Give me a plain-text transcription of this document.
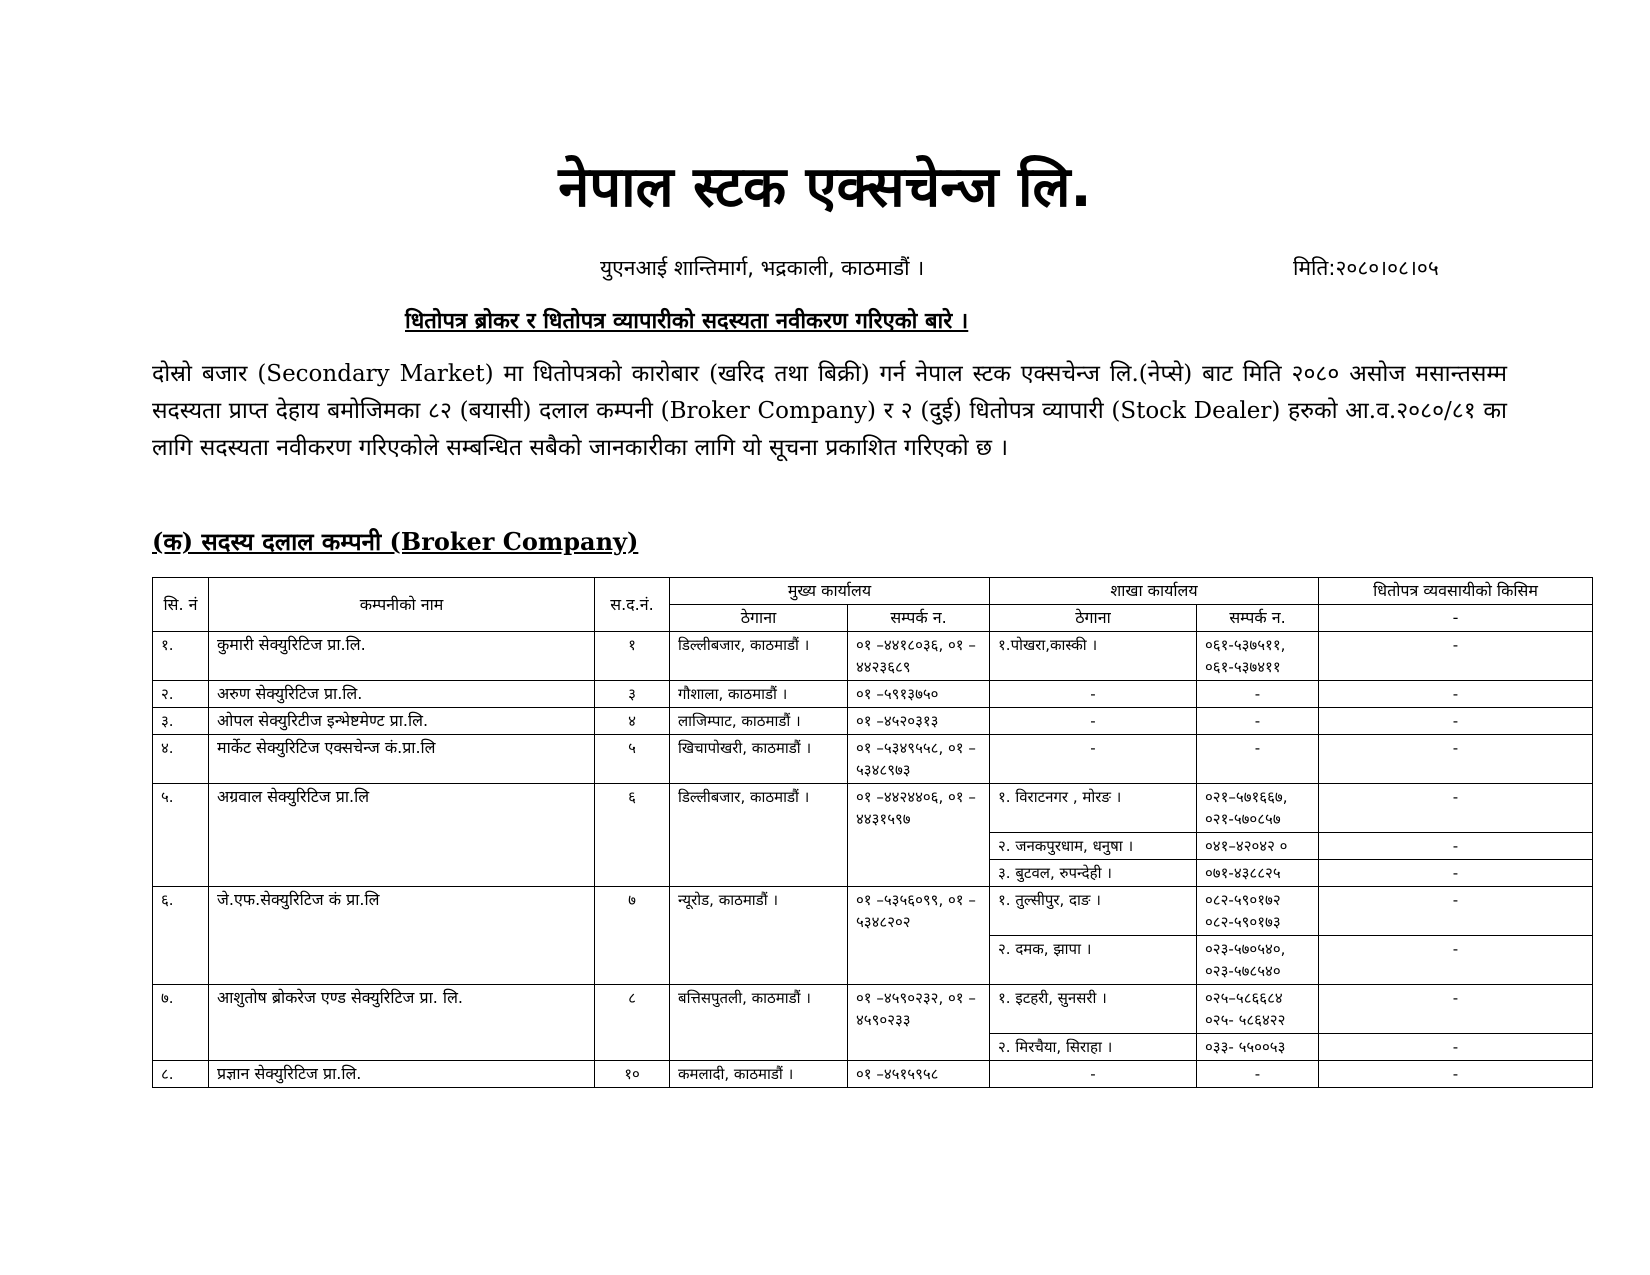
नेपाल स्टक एक्सचेन्ज लि.
युएनआई शान्तिमार्ग, भद्रकाली, काठमाडौं ।	मिति:२०८०।०८।०५
धितोपत्र ब्रोकर र धितोपत्र व्यापारीको सदस्यता नवीकरण गरिएको बारे ।
दोस्रो बजार (Secondary Market) मा धितोपत्रको कारोबार (खरिद तथा बिक्री) गर्न नेपाल स्टक एक्सचेन्ज लि.(नेप्से) बाट मिति २०८० असोज मसान्तसम्म सदस्यता प्राप्त देहाय बमोजिमका ८२ (बयासी) दलाल कम्पनी (Broker Company) र २ (दुई) धितोपत्र व्यापारी (Stock Dealer) हरुको आ.व.२०८०/८१ का लागि सदस्यता नवीकरण गरिएकोले सम्बन्धित सबैको जानकारीका लागि यो सूचना प्रकाशित गरिएको छ ।
(क) सदस्य दलाल कम्पनी (Broker Company)
सि. नं	कम्पनीको नाम	स.द.नं.	मुख्य कार्यालय		शाखा कार्यालय		धितोपत्र व्यवसायीको किसिम
			ठेगाना	सम्पर्क न.	ठेगाना	सम्पर्क न.	-
१.	कुमारी सेक्युरिटिज प्रा.लि.	१	डिल्लीबजार, काठमाडौं ।	०१ –४४१८०३६, ०१ –४४२३६८९	१.पोखरा,कास्की ।	०६१-५३७५११, ०६१-५३७४११	-
२.	अरुण सेक्युरिटिज प्रा.लि.	३	गौशाला, काठमाडौं ।	०१ –५९१३७५०	-	-	-
३.	ओपल सेक्युरिटीज इन्भेष्टमेण्ट प्रा.लि.	४	लाजिम्पाट, काठमाडौं ।	०१ –४५२०३१३	-	-	-
४.	मार्केट सेक्युरिटिज एक्सचेन्ज कं.प्रा.लि	५	खिचापोखरी, काठमाडौं ।	०१ –५३४९५५८, ०१ –५३४८९७३	-	-	-
५.	अग्रवाल सेक्युरिटिज प्रा.लि	६	डिल्लीबजार, काठमाडौं ।	०१ –४४२४४०६, ०१ –४४३१५९७	१. विराटनगर , मोरङ ।	०२१–५७१६६७, ०२१-५७०८५७	-
					२. जनकपुरधाम, धनुषा ।	०४१–४२०४२ ०	-
					३. बुटवल, रुपन्देही ।	०७१-४३८८२५	-
६.	जे.एफ.सेक्युरिटिज कं प्रा.लि	७	न्यूरोड, काठमाडौं ।	०१ –५३५६०९९, ०१ –५३४८२०२	१. तुल्सीपुर, दाङ ।	०८२-५९०१७२ ०८२-५९०१७३	-
					२. दमक, झापा ।	०२३-५७०५४०, ०२३-५७८५४०	-
७.	आशुतोष ब्रोकरेज एण्ड सेक्युरिटिज प्रा. लि.	८	बत्तिसपुतली, काठमाडौं ।	०१ –४५९०२३२, ०१ –४५९०२३३	१. इटहरी, सुनसरी ।	०२५–५८६६८४ ०२५- ५८६४२२	-
					२. मिरचैया, सिराहा ।	०३३- ५५००५३	-
८.	प्रज्ञान सेक्युरिटिज प्रा.लि.	१०	कमलादी, काठमाडौं ।	०१ –४५१५९५८	-	-	-
